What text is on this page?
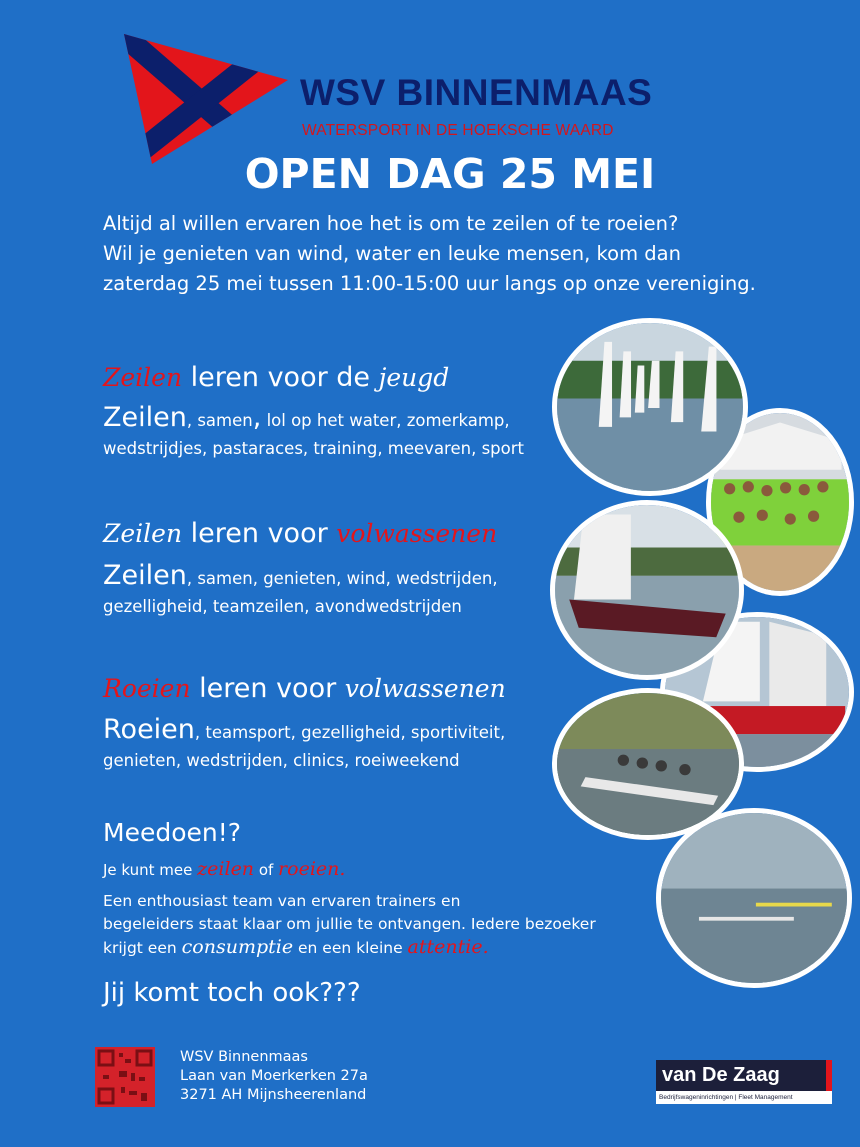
WSV BINNENMAAS
WATERSPORT IN DE HOEKSCHE WAARD
OPEN DAG 25 MEI
Altijd al willen ervaren hoe het is om te zeilen of te roeien?
Wil je genieten van wind, water en leuke mensen, kom dan
zaterdag 25 mei tussen 11:00-15:00 uur langs op onze vereniging.
Zeilen leren voor de jeugd
Zeilen, samen, lol op het water, zomerkamp,
wedstrijdjes, pastaraces, training, meevaren, sport
Zeilen leren voor volwassenen
Zeilen, samen, genieten, wind, wedstrijden,
gezelligheid, teamzeilen, avondwedstrijden
Roeien leren voor volwassenen
Roeien, teamsport, gezelligheid, sportiviteit,
genieten, wedstrijden, clinics, roeiweekend
Meedoen!?
Je kunt mee zeilen of roeien.
Een enthousiast team van ervaren trainers en
begeleiders staat klaar om jullie te ontvangen. Iedere bezoeker
krijgt een consumptie en een kleine attentie.
Jij komt toch ook???
WSV Binnenmaas
Laan van Moerkerken 27a
3271 AH Mijnsheerenland
van De Zaag
Bedrijfswageninrichtingen | Fleet Management
